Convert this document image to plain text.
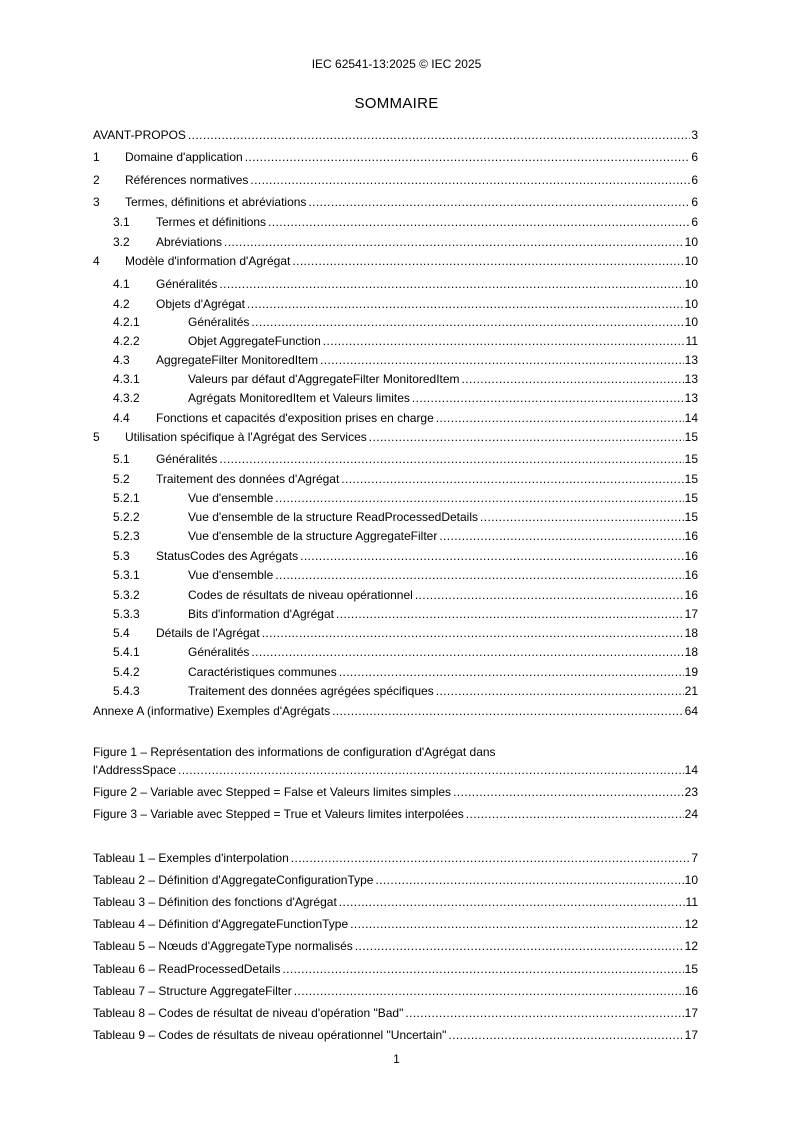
IEC 62541-13:2025 © IEC 2025
SOMMAIRE
AVANT-PROPOS .....	3
1	Domaine d'application .....	6
2	Références normatives .....	6
3	Termes, définitions et abréviations .....	6
3.1	Termes et définitions .....	6
3.2	Abréviations .....	10
4	Modèle d'information d'Agrégat .....	10
4.1	Généralités .....	10
4.2	Objets d'Agrégat .....	10
4.2.1	Généralités .....	10
4.2.2	Objet AggregateFunction .....	11
4.3	AggregateFilter MonitoredItem .....	13
4.3.1	Valeurs par défaut d'AggregateFilter MonitoredItem .....	13
4.3.2	Agrégats MonitoredItem et Valeurs limites .....	13
4.4	Fonctions et capacités d'exposition prises en charge .....	14
5	Utilisation spécifique à l'Agrégat des Services .....	15
5.1	Généralités .....	15
5.2	Traitement des données d'Agrégat .....	15
5.2.1	Vue d'ensemble .....	15
5.2.2	Vue d'ensemble de la structure ReadProcessedDetails .....	15
5.2.3	Vue d'ensemble de la structure AggregateFilter .....	16
5.3	StatusCodes des Agrégats .....	16
5.3.1	Vue d'ensemble .....	16
5.3.2	Codes de résultats de niveau opérationnel .....	16
5.3.3	Bits d'information d'Agrégat .....	17
5.4	Détails de l'Agrégat .....	18
5.4.1	Généralités .....	18
5.4.2	Caractéristiques communes .....	19
5.4.3	Traitement des données agrégées spécifiques .....	21
Annexe A (informative) Exemples d'Agrégats .....	64
Figure 1 – Représentation des informations de configuration d'Agrégat dans
l'AddressSpace .....	14
Figure 2 – Variable avec Stepped = False et Valeurs limites simples .....	23
Figure 3 – Variable avec Stepped = True et Valeurs limites interpolées .....	24
Tableau 1 – Exemples d'interpolation .....	7
Tableau 2 – Définition d'AggregateConfigurationType .....	10
Tableau 3 – Définition des fonctions d'Agrégat .....	11
Tableau 4 – Définition d'AggregateFunctionType .....	12
Tableau 5 – Nœuds d'AggregateType normalisés .....	12
Tableau 6 – ReadProcessedDetails .....	15
Tableau 7 – Structure AggregateFilter .....	16
Tableau 8 – Codes de résultat de niveau d'opération "Bad" .....	17
Tableau 9 – Codes de résultats de niveau opérationnel "Uncertain" .....	17
1
